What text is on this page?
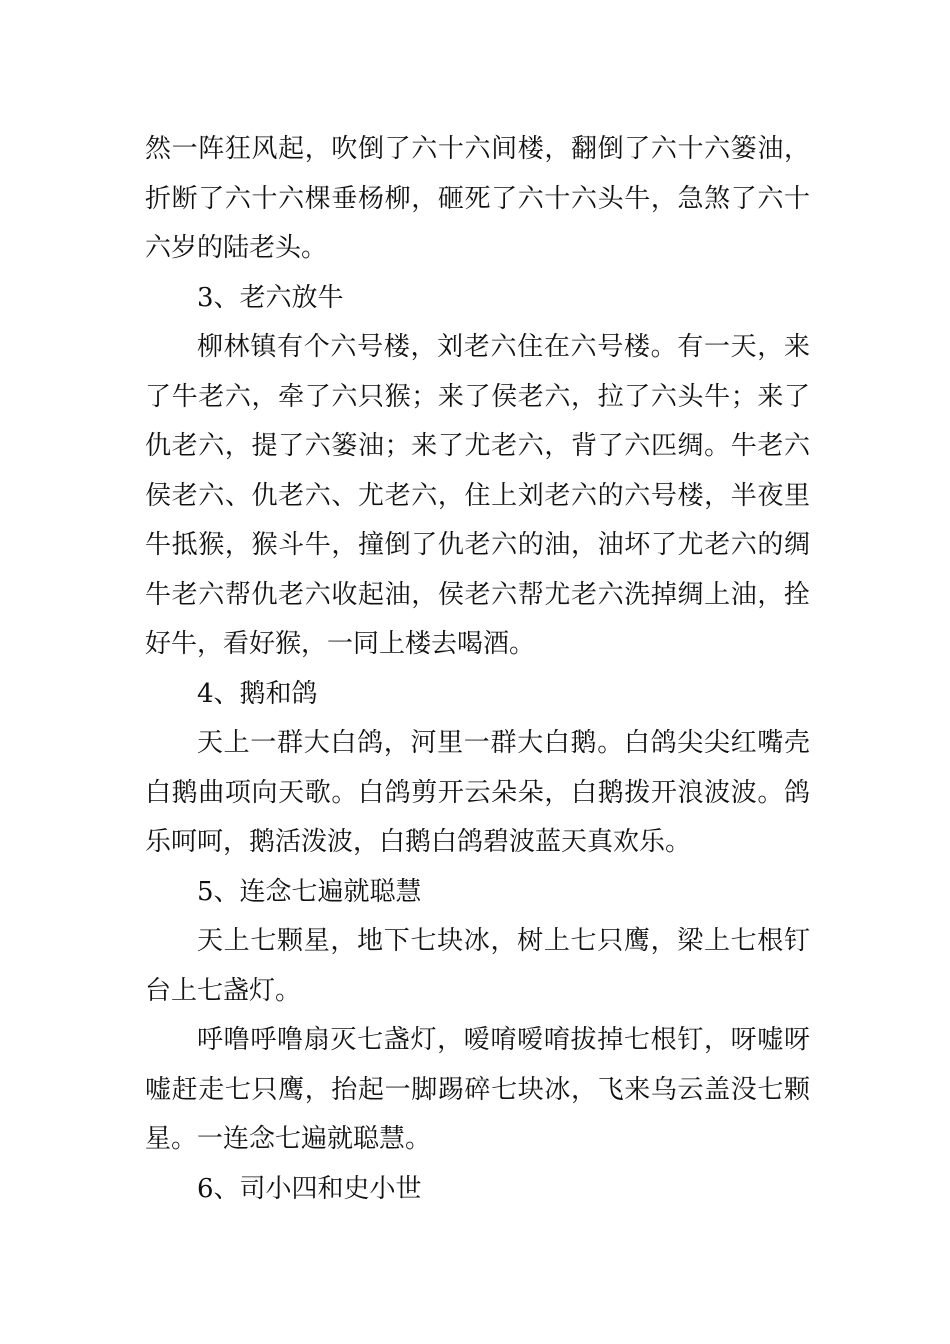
然一阵狂风起，吹倒了六十六间楼，翻倒了六十六篓油，
折断了六十六棵垂杨柳，砸死了六十六头牛，急煞了六十
六岁的陆老头。
3、老六放牛
柳林镇有个六号楼，刘老六住在六号楼。有一天，来
了牛老六，牵了六只猴；来了侯老六，拉了六头牛；来了
仇老六，提了六篓油；来了尤老六，背了六匹绸。牛老六
侯老六、仇老六、尤老六，住上刘老六的六号楼，半夜里
牛抵猴，猴斗牛，撞倒了仇老六的油，油坏了尤老六的绸
牛老六帮仇老六收起油，侯老六帮尤老六洗掉绸上油，拴
好牛，看好猴，一同上楼去喝酒。
4、鹅和鸽
天上一群大白鸽，河里一群大白鹅。白鸽尖尖红嘴壳
白鹅曲项向天歌。白鸽剪开云朵朵，白鹅拨开浪波波。鸽
乐呵呵，鹅活泼波，白鹅白鸽碧波蓝天真欢乐。
5、连念七遍就聪慧
天上七颗星，地下七块冰，树上七只鹰，梁上七根钉
台上七盏灯。
呼噜呼噜扇灭七盏灯，嗳唷嗳唷拔掉七根钉，呀嘘呀
嘘赶走七只鹰，抬起一脚踢碎七块冰，飞来乌云盖没七颗
星。一连念七遍就聪慧。
6、司小四和史小世
